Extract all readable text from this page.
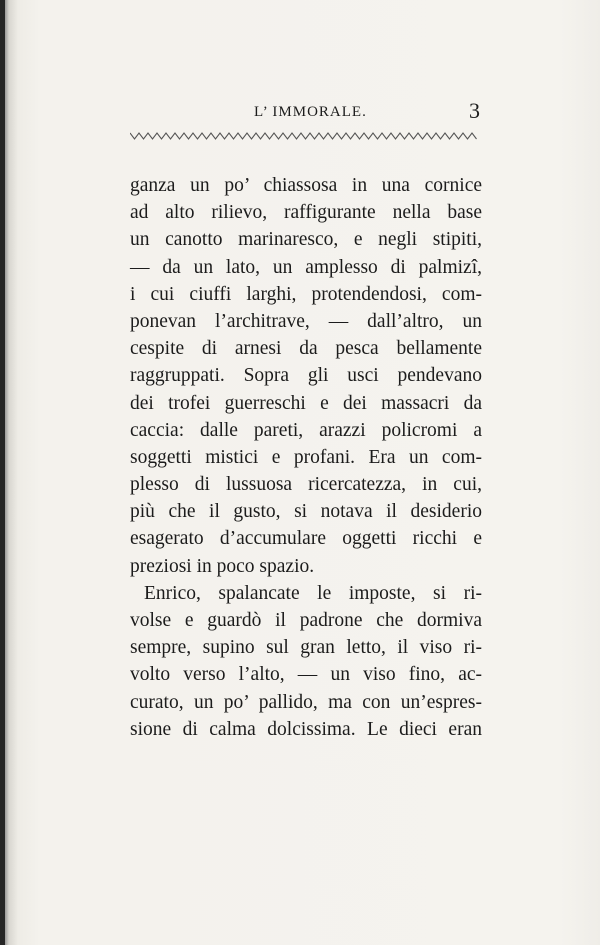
L’ IMMORALE.	3
ganza un po’ chiassosa in una cornice
ad alto rilievo, raffigurante nella base
un canotto marinaresco, e negli stipiti,
— da un lato, un amplesso di palmizî,
i cui ciuffi larghi, protendendosi, com-
ponevan l’architrave, — dall’altro, un
cespite di arnesi da pesca bellamente
raggruppati. Sopra gli usci pendevano
dei trofei guerreschi e dei massacri da
caccia: dalle pareti, arazzi policromi a
soggetti mistici e profani. Era un com-
plesso di lussuosa ricercatezza, in cui,
più che il gusto, si notava il desiderio
esagerato d’accumulare oggetti ricchi e
preziosi in poco spazio.
Enrico, spalancate le imposte, si ri-
volse e guardò il padrone che dormiva
sempre, supino sul gran letto, il viso ri-
volto verso l’alto, — un viso fino, ac-
curato, un po’ pallido, ma con un’espres-
sione di calma dolcissima. Le dieci eran
